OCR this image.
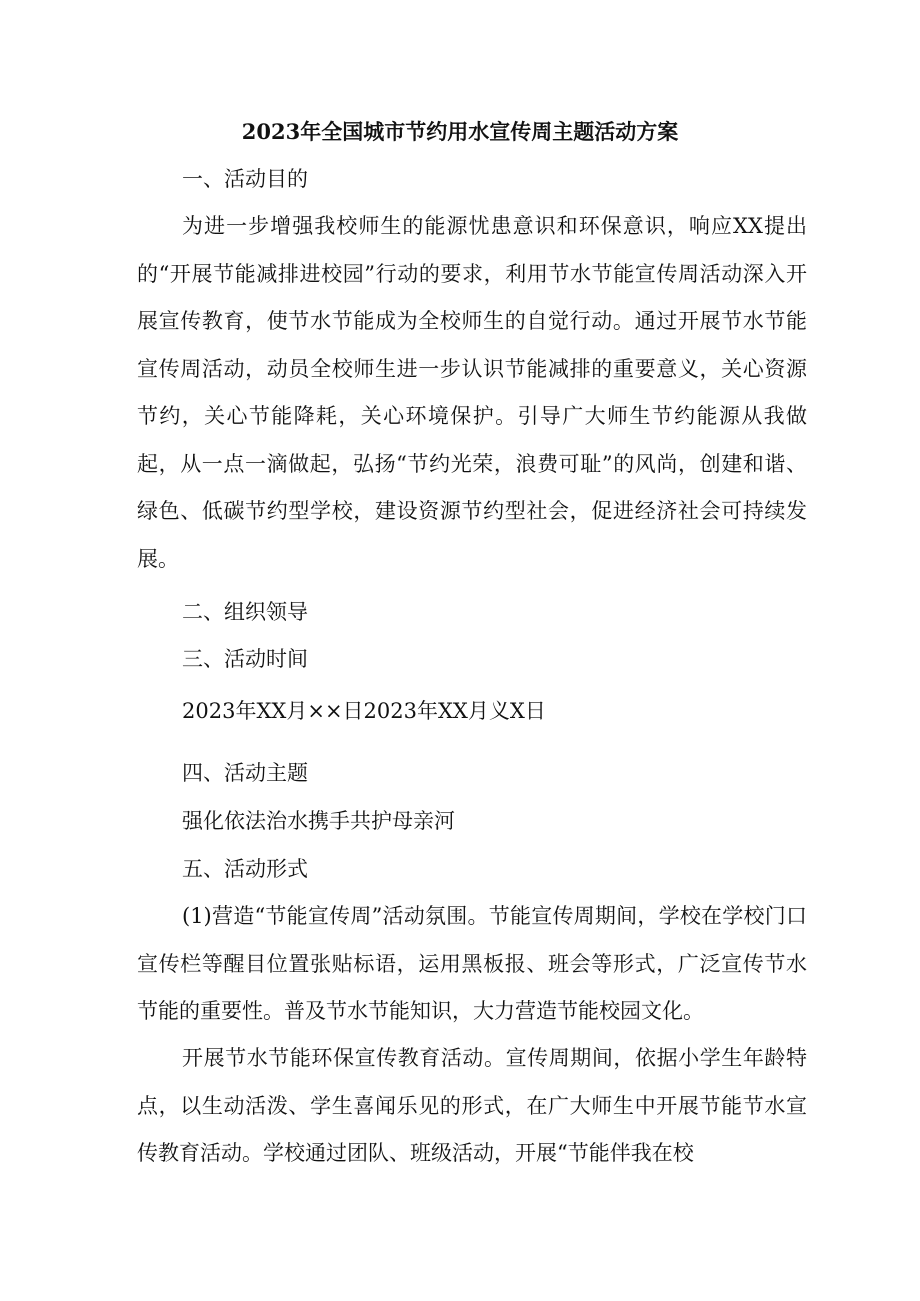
2023年全国城市节约用水宣传周主题活动方案
一、活动目的

为进一步增强我校师生的能源忧患意识和环保意识，响应XX提出的“开展节能减排进校园”行动的要求，利用节水节能宣传周活动深入开展宣传教育，使节水节能成为全校师生的自觉行动。通过开展节水节能宣传周活动，动员全校师生进一步认识节能减排的重要意义，关心资源节约，关心节能降耗，关心环境保护。引导广大师生节约能源从我做起，从一点一滴做起，弘扬“节约光荣，浪费可耻”的风尚，创建和谐、绿色、低碳节约型学校，建设资源节约型社会，促进经济社会可持续发展。

二、组织领导
三、活动时间
2023年XX月××日2023年XX月义X日
四、活动主题
强化依法治水携手共护母亲河
五、活动形式

(1)营造“节能宣传周”活动氛围。节能宣传周期间，学校在学校门口宣传栏等醒目位置张贴标语，运用黑板报、班会等形式，广泛宣传节水节能的重要性。普及节水节能知识，大力营造节能校园文化。

开展节水节能环保宣传教育活动。宣传周期间，依据小学生年龄特点，以生动活泼、学生喜闻乐见的形式，在广大师生中开展节能节水宣传教育活动。学校通过团队、班级活动，开展“节能伴我在校
